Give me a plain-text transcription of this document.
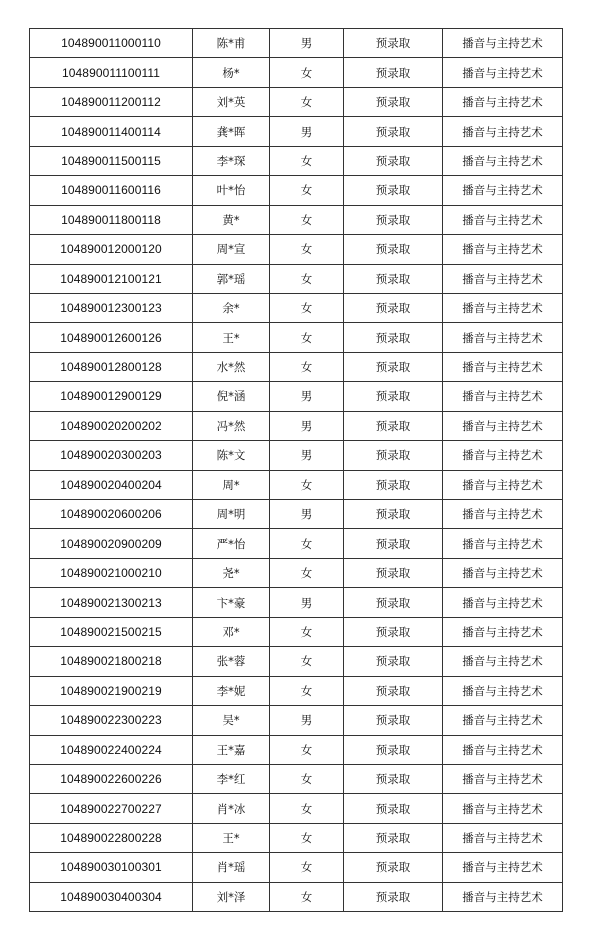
104890011000110	陈*甫	男	预录取	播音与主持艺术
104890011100111	杨*	女	预录取	播音与主持艺术
104890011200112	刘*英	女	预录取	播音与主持艺术
104890011400114	龚*晖	男	预录取	播音与主持艺术
104890011500115	李*琛	女	预录取	播音与主持艺术
104890011600116	叶*怡	女	预录取	播音与主持艺术
104890011800118	黄*	女	预录取	播音与主持艺术
104890012000120	周*宣	女	预录取	播音与主持艺术
104890012100121	郭*瑶	女	预录取	播音与主持艺术
104890012300123	余*	女	预录取	播音与主持艺术
104890012600126	王*	女	预录取	播音与主持艺术
104890012800128	水*然	女	预录取	播音与主持艺术
104890012900129	倪*涵	男	预录取	播音与主持艺术
104890020200202	冯*然	男	预录取	播音与主持艺术
104890020300203	陈*文	男	预录取	播音与主持艺术
104890020400204	周*	女	预录取	播音与主持艺术
104890020600206	周*明	男	预录取	播音与主持艺术
104890020900209	严*怡	女	预录取	播音与主持艺术
104890021000210	尧*	女	预录取	播音与主持艺术
104890021300213	卞*豪	男	预录取	播音与主持艺术
104890021500215	邓*	女	预录取	播音与主持艺术
104890021800218	张*蓉	女	预录取	播音与主持艺术
104890021900219	李*妮	女	预录取	播音与主持艺术
104890022300223	吴*	男	预录取	播音与主持艺术
104890022400224	王*嘉	女	预录取	播音与主持艺术
104890022600226	李*红	女	预录取	播音与主持艺术
104890022700227	肖*冰	女	预录取	播音与主持艺术
104890022800228	王*	女	预录取	播音与主持艺术
104890030100301	肖*瑶	女	预录取	播音与主持艺术
104890030400304	刘*泽	女	预录取	播音与主持艺术
